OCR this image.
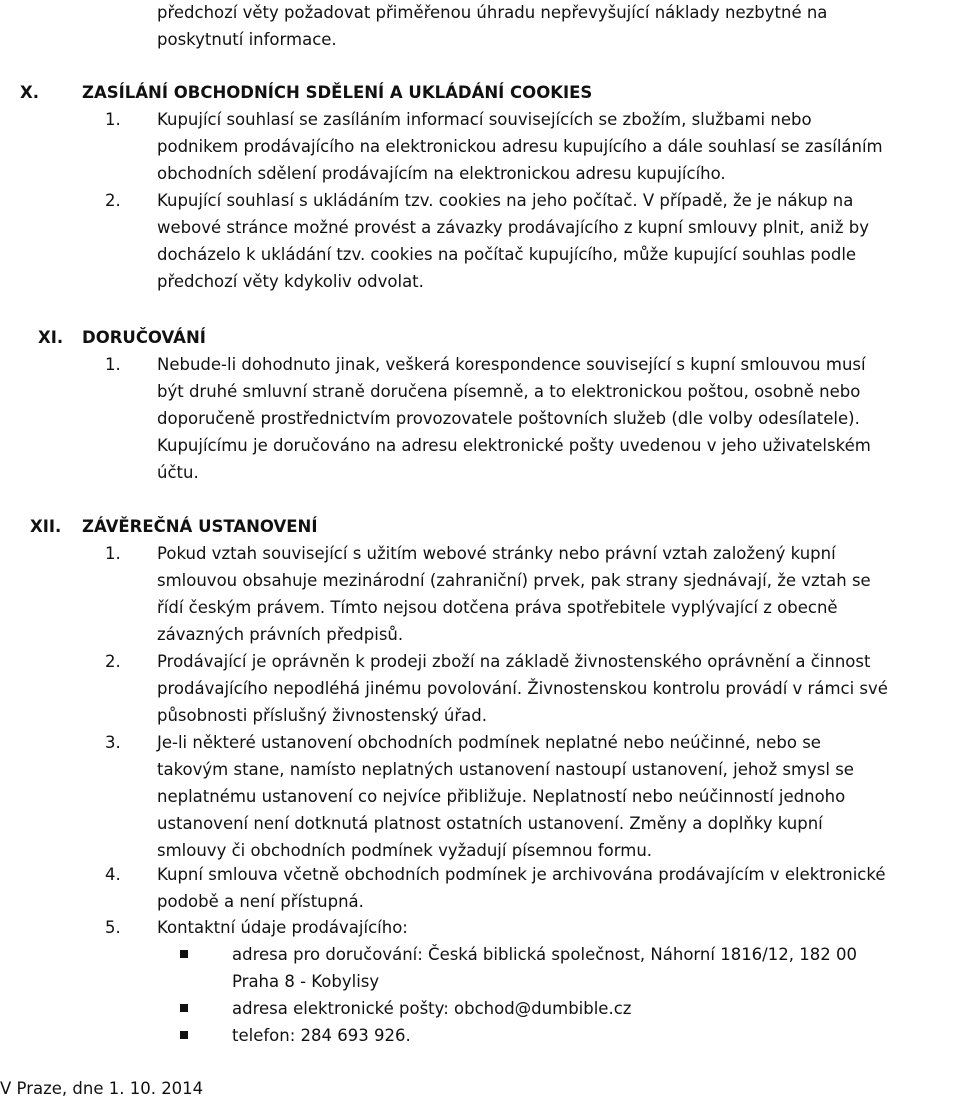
předchozí věty požadovat přiměřenou úhradu nepřevyšující náklady nezbytné na
poskytnutí informace.
X.	ZASÍLÁNÍ OBCHODNÍCH SDĚLENÍ A UKLÁDÁNÍ COOKIES
1. Kupující souhlasí se zasíláním informací souvisejících se zbožím, službami nebo
podnikem prodávajícího na elektronickou adresu kupujícího a dále souhlasí se zasíláním
obchodních sdělení prodávajícím na elektronickou adresu kupujícího.
2. Kupující souhlasí s ukládáním tzv. cookies na jeho počítač. V případě, že je nákup na
webové stránce možné provést a závazky prodávajícího z kupní smlouvy plnit, aniž by
docházelo k ukládání tzv. cookies na počítač kupujícího, může kupující souhlas podle
předchozí věty kdykoliv odvolat.
XI. DORUČOVÁNÍ
1. Nebude-li dohodnuto jinak, veškerá korespondence související s kupní smlouvou musí
být druhé smluvní straně doručena písemně, a to elektronickou poštou, osobně nebo
doporučeně prostřednictvím provozovatele poštovních služeb (dle volby odesílatele).
Kupujícímu je doručováno na adresu elektronické pošty uvedenou v jeho uživatelském
účtu.
XII. ZÁVĚREČNÁ USTANOVENÍ
1. Pokud vztah související s užitím webové stránky nebo právní vztah založený kupní
smlouvou obsahuje mezinárodní (zahraniční) prvek, pak strany sjednávají, že vztah se
řídí českým právem. Tímto nejsou dotčena práva spotřebitele vyplývající z obecně
závazných právních předpisů.
2. Prodávající je oprávněn k prodeji zboží na základě živnostenského oprávnění a činnost
prodávajícího nepodléhá jinému povolování. Živnostenskou kontrolu provádí v rámci své
působnosti příslušný živnostenský úřad.
3. Je-li některé ustanovení obchodních podmínek neplatné nebo neúčinné, nebo se
takovým stane, namísto neplatných ustanovení nastoupí ustanovení, jehož smysl se
neplatnému ustanovení co nejvíce přibližuje. Neplatností nebo neúčinností jednoho
ustanovení není dotknutá platnost ostatních ustanovení. Změny a doplňky kupní
smlouvy či obchodních podmínek vyžadují písemnou formu.
4. Kupní smlouva včetně obchodních podmínek je archivována prodávajícím v elektronické
podobě a není přístupná.
5. Kontaktní údaje prodávajícího:
adresa pro doručování: Česká biblická společnost, Náhorní 1816/12, 182 00
Praha 8 - Kobylisy
adresa elektronické pošty: obchod@dumbible.cz
telefon: 284 693 926.
V Praze, dne 1. 10. 2014
